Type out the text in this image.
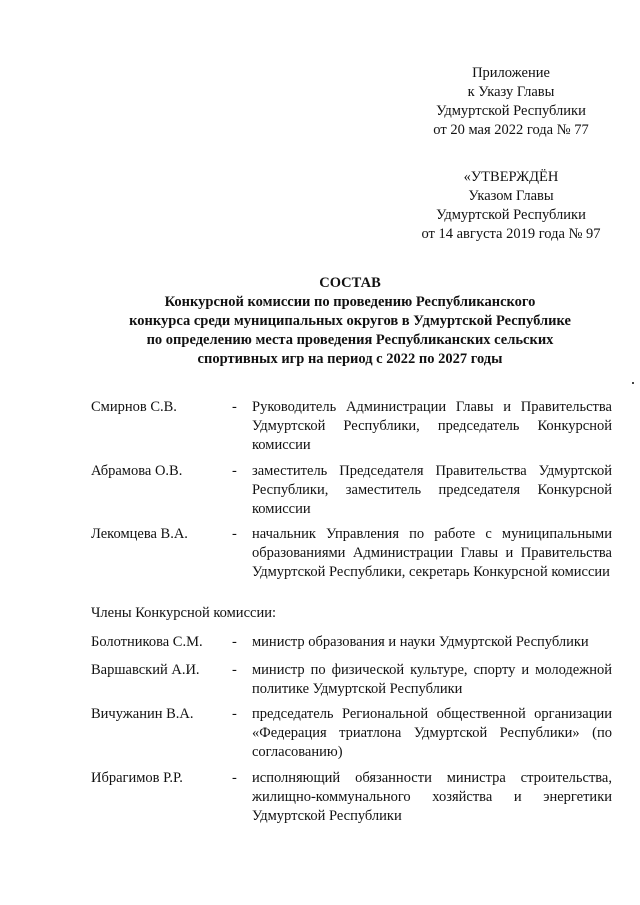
Приложение
к Указу Главы
Удмуртской Республики
от 20 мая 2022 года № 77
«УТВЕРЖДЁН
Указом Главы
Удмуртской Республики
от 14 августа 2019 года № 97
СОСТАВ
Конкурсной комиссии по проведению Республиканского
конкурса среди муниципальных округов в Удмуртской Республике
по определению места проведения Республиканских сельских
спортивных игр на период с 2022 по 2027 годы
Смирнов С.В.	- Руководитель Администрации Главы и Правительства Удмуртской Республики, председатель Конкурсной комиссии
Абрамова О.В.	- заместитель Председателя Правительства Удмуртской Республики, заместитель председателя Конкурсной комиссии
Лекомцева В.А.	- начальник Управления по работе с муниципальными образованиями Администрации Главы и Правительства Удмуртской Республики, секретарь Конкурсной комиссии
Члены Конкурсной комиссии:
Болотникова С.М. - министр образования и науки Удмуртской Республики
Варшавский А.И. - министр по физической культуре, спорту и молодежной политике Удмуртской Республики
Вичужанин В.А.	- председатель Региональной общественной организации «Федерация триатлона Удмуртской Республики» (по согласованию)
Ибрагимов Р.Р.	- исполняющий обязанности министра строительства, жилищно-коммунального хозяйства и энергетики Удмуртской Республики
